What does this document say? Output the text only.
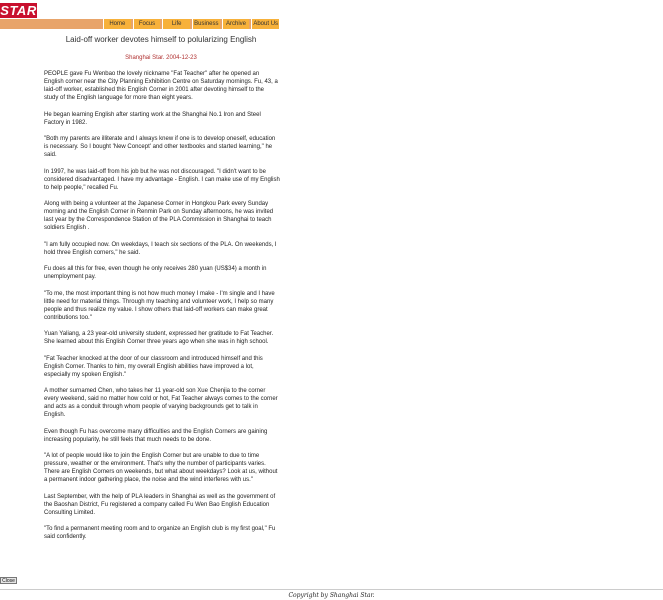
STAR
Home	Focus	Life	Business	Archive	About Us
Laid-off worker devotes himself to polularizing English
Shanghai Star. 2004-12-23

PEOPLE gave Fu Wenbao the lovely nickname "Fat Teacher" after he opened an English corner near the City Planning Exhibition Centre on Saturday mornings. Fu, 43, a laid-off worker, established this English Corner in 2001 after devoting himself to the study of the English language for more than eight years.

He began learning English after starting work at the Shanghai No.1 Iron and Steel Factory in 1982.

"Both my parents are illiterate and I always knew if one is to develop oneself, education is necessary. So I bought 'New Concept' and other textbooks and started learning," he said.

In 1997, he was laid-off from his job but he was not discouraged. "I didn't want to be considered disadvantaged. I have my advantage - English. I can make use of my English to help people," recalled Fu.

Along with being a volunteer at the Japanese Corner in Hongkou Park every Sunday morning and the English Corner in Renmin Park on Sunday afternoons, he was invited last year by the Correspondence Station of the PLA Commission in Shanghai to teach soldiers English .

"I am fully occupied now. On weekdays, I teach six sections of the PLA. On weekends, I hold three English corners," he said.

Fu does all this for free, even though he only receives 280 yuan (US$34) a month in unemployment pay.

"To me, the most important thing is not how much money I make - I'm single and I have little need for material things. Through my teaching and volunteer work, I help so many people and thus realize my value. I show others that laid-off workers can make great contributions too."

Yuan Yaliang, a 23 year-old university student, expressed her gratitude to Fat Teacher. She learned about this English Corner three years ago when she was in high school.

"Fat Teacher knocked at the door of our classroom and introduced himself and this English Corner. Thanks to him, my overall English abilities have improved a lot, especially my spoken English."

A mother surnamed Chen, who takes her 11 year-old son Xue Chenjia to the corner every weekend, said no matter how cold or hot, Fat Teacher always comes to the corner and acts as a conduit through whom people of varying backgrounds get to talk in English.

Even though Fu has overcome many difficulties and the English Corners are gaining increasing popularity, he still feels that much needs to be done.

"A lot of people would like to join the English Corner but are unable to due to time pressure, weather or the environment. That's why the number of participants varies. There are English Corners on weekends, but what about weekdays? Look at us, without a permanent indoor gathering place, the noise and the wind interferes with us."

Last September, with the help of PLA leaders in Shanghai as well as the government of the Baoshan District, Fu registered a company called Fu Wen Bao English Education Consulting Limited.

"To find a permanent meeting room and to organize an English club is my first goal," Fu said confidently.

Close
Copyright by Shanghai Star.
